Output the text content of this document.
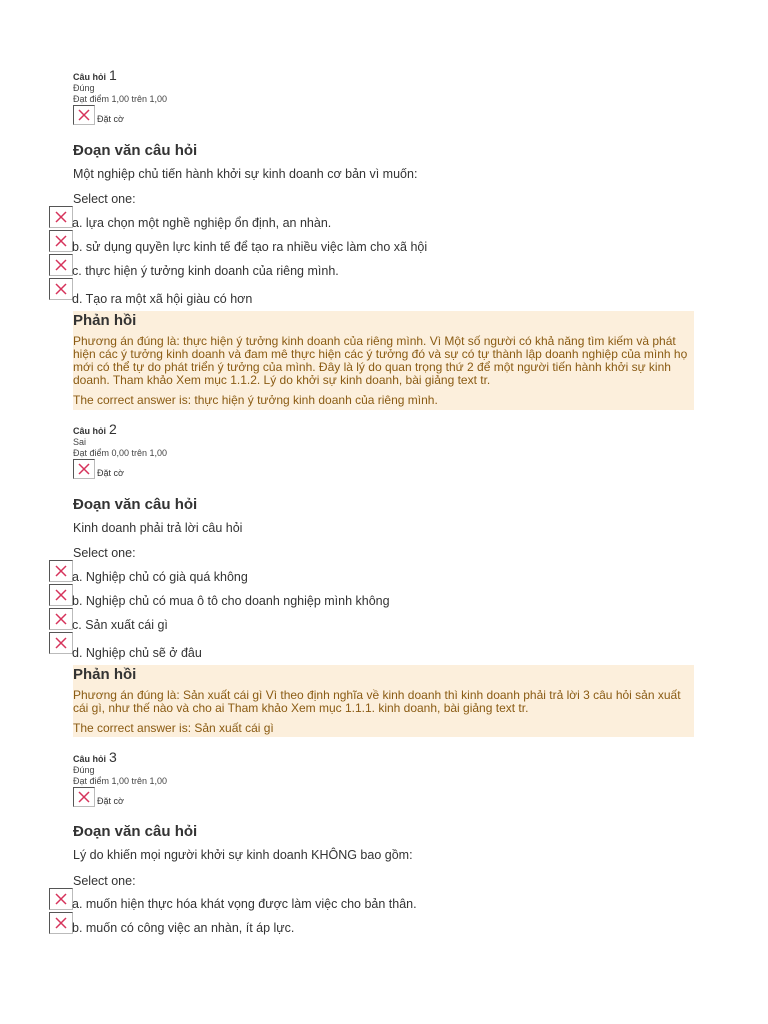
Câu hỏi 1
Đúng
Đạt điểm 1,00 trên 1,00
Đặt cờ
Đoạn văn câu hỏi
Một nghiệp chủ tiến hành khởi sự kinh doanh cơ bản vì muốn:
Select one:
a. lựa chọn một nghề nghiệp ổn định, an nhàn.
b. sử dụng quyền lực kinh tế để tạo ra nhiều việc làm cho xã hội
c. thực hiện ý tưởng kinh doanh của riêng mình.
d. Tạo ra một xã hội giàu có hơn
Phản hồi
Phương án đúng là: thực hiện ý tưởng kinh doanh của riêng mình. Vì Một số người có khả năng tìm kiếm và phát hiện các ý tưởng kinh doanh và đam mê thực hiện các ý tưởng đó và sự có tự thành lập doanh nghiệp của mình họ mới có thể tự do phát triển ý tưởng của mình. Đây là lý do quan trọng thứ 2 để một người tiến hành khởi sự kinh doanh. Tham khảo Xem mục 1.1.2. Lý do khởi sự kinh doanh, bài giảng text tr.
The correct answer is: thực hiện ý tưởng kinh doanh của riêng mình.
Câu hỏi 2
Sai
Đạt điểm 0,00 trên 1,00
Đặt cờ
Đoạn văn câu hỏi
Kinh doanh phải trả lời câu hỏi
Select one:
a. Nghiệp chủ có già quá không
b. Nghiệp chủ có mua ô tô cho doanh nghiệp mình không
c. Sản xuất cái gì
d. Nghiệp chủ sẽ ở đâu
Phản hồi
Phương án đúng là: Sản xuất cái gì Vì theo định nghĩa về kinh doanh thì kinh doanh phải trả lời 3 câu hỏi sản xuất cái gì, như thế nào và cho ai Tham khảo Xem mục 1.1.1. kinh doanh, bài giảng text tr.
The correct answer is: Sản xuất cái gì
Câu hỏi 3
Đúng
Đạt điểm 1,00 trên 1,00
Đặt cờ
Đoạn văn câu hỏi
Lý do khiến mọi người khởi sự kinh doanh KHÔNG bao gồm:
Select one:
a. muốn hiện thực hóa khát vọng được làm việc cho bản thân.
b. muốn có công việc an nhàn, ít áp lực.
